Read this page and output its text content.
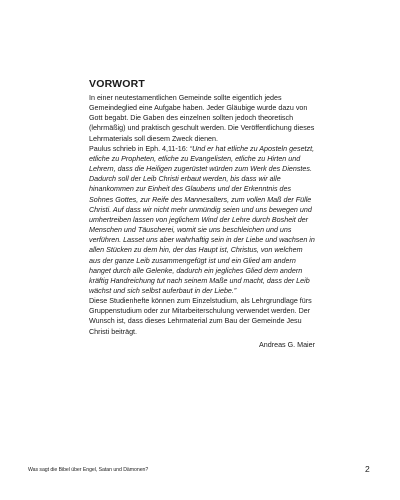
VORWORT

In einer neutestamentlichen Gemeinde sollte eigentlich jedes Gemeindeglied eine Aufgabe haben. Jeder Gläubige wurde dazu von Gott begabt. Die Gaben des einzelnen sollten jedoch theoretisch (lehrmäßig) und praktisch geschult werden. Die Veröffentlichung dieses Lehrmaterials soll diesem Zweck dienen.

Paulus schrieb in Eph. 4,11-16: “Und er hat etliche zu Aposteln gesetzt, etliche zu Propheten, etliche zu Evangelisten, etliche zu Hirten und Lehrern, dass die Heiligen zugerüstet würden zum Werk des Dienstes. Dadurch soll der Leib Christi erbaut werden, bis dass wir alle hinankommen zur Einheit des Glaubens und der Erkenntnis des Sohnes Gottes, zur Reife des Mannesalters, zum vollen Maß der Fülle Christi. Auf dass wir nicht mehr unmündig seien und uns bewegen und umhertreiben lassen von jeglichem Wind der Lehre durch Bosheit der Menschen und Täuscherei, womit sie uns beschleichen und uns verführen. Lasset uns aber wahrhaftig sein in der Liebe und wachsen in allen Stücken zu dem hin, der das Haupt ist, Christus, von welchem aus der ganze Leib zusammengefügt ist und ein Glied am andern hanget durch alle Gelenke, dadurch ein jegliches Glied dem andern kräftig Handreichung tut nach seinem Maße und macht, dass der Leib wächst und sich selbst auferbaut in der Liebe.”

Diese Studienhefte können zum Einzelstudium, als Lehrgrundlage fürs Gruppenstudium oder zur Mitarbeiterschulung verwendet werden. Der Wunsch ist, dass dieses Lehrmaterial zum Bau der Gemeinde Jesu Christi beiträgt.

Andreas G. Maier
Was sagt die Bibel über Engel, Satan und Dämonen?	2
